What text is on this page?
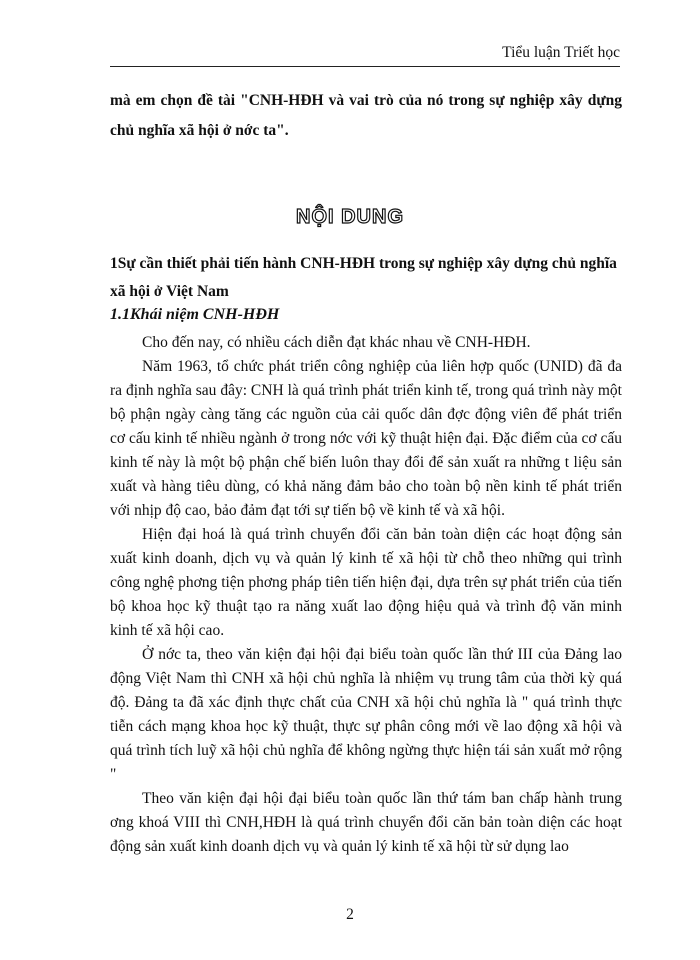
Tiểu luận Triết học

mà em chọn đề tài "CNH-HĐH và vai trò của nó trong sự nghiệp xây dựng chủ nghĩa xã hội ở nớc ta".

NỘI DUNG

1Sự cần thiết phải tiến hành CNH-HĐH trong sự nghiệp xây dựng chủ nghĩa xã hội ở Việt Nam

1.1Khái niệm CNH-HĐH

Cho đến nay, có nhiều cách diễn đạt khác nhau về CNH-HĐH.

Năm 1963, tổ chức phát triển công nghiệp của liên hợp quốc (UNID) đã đa ra định nghĩa sau đây: CNH là quá trình phát triển kinh tế, trong quá trình này một bộ phận ngày càng tăng các nguồn của cải quốc dân đợc động viên để phát triển cơ cấu kinh tế nhiều ngành ở trong nớc với kỹ thuật hiện đại. Đặc điểm của cơ cấu kinh tế này là một bộ phận chế biến luôn thay đổi để sản xuất ra những t liệu sản xuất và hàng tiêu dùng, có khả năng đảm bảo cho toàn bộ nền kinh tế phát triển với nhịp độ cao, bảo đảm đạt tới sự tiến bộ về kinh tế và xã hội.

Hiện đại hoá là quá trình chuyển đổi căn bản toàn diện các hoạt động sản xuất kinh doanh, dịch vụ và quản lý kinh tế xã hội từ chỗ theo những qui trình công nghệ phơng tiện phơng pháp tiên tiến hiện đại, dựa trên sự phát triển của tiến bộ khoa học kỹ thuật tạo ra năng xuất lao động hiệu quả và trình độ văn minh kinh tế xã hội cao.

Ở nớc ta, theo văn kiện đại hội đại biểu toàn quốc lần thứ III của Đảng lao động Việt Nam thì CNH xã hội chủ nghĩa là nhiệm vụ trung tâm của thời kỳ quá độ. Đảng ta đã xác định thực chất của CNH xã hội chủ nghĩa là " quá trình thực tiễn cách mạng khoa học kỹ thuật, thực sự phân công mới về lao động xã hội và quá trình tích luỹ xã hội chủ nghĩa để không ngừng thực hiện tái sản xuất mở rộng "

Theo văn kiện đại hội đại biểu toàn quốc lần thứ tám ban chấp hành trung ơng khoá VIII thì CNH,HĐH là quá trình chuyển đổi căn bản toàn diện các hoạt động sản xuất kinh doanh dịch vụ và quản lý kinh tế xã hội từ sử dụng lao

2
